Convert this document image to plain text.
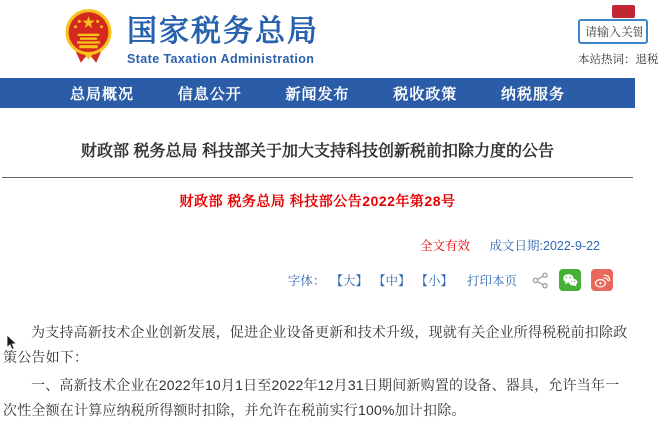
国家税务总局
State Taxation Administration
请输入关键词	本站热词：退税
总局概况	信息公开	新闻发布	税收政策	纳税服务
财政部 税务总局 科技部关于加大支持科技创新税前扣除力度的公告
财政部 税务总局 科技部公告2022年第28号
全文有效 成文日期:2022-9-22
字体： 【大】 【中】 【小】 打印本页

为支持高新技术企业创新发展，促进企业设备更新和技术升级，现就有关企业所得税税前扣除政策公告如下：

一、高新技术企业在2022年10月1日至2022年12月31日期间新购置的设备、器具，允许当年一次性全额在计算应纳税所得额时扣除，并允许在税前实行100%加计扣除。
